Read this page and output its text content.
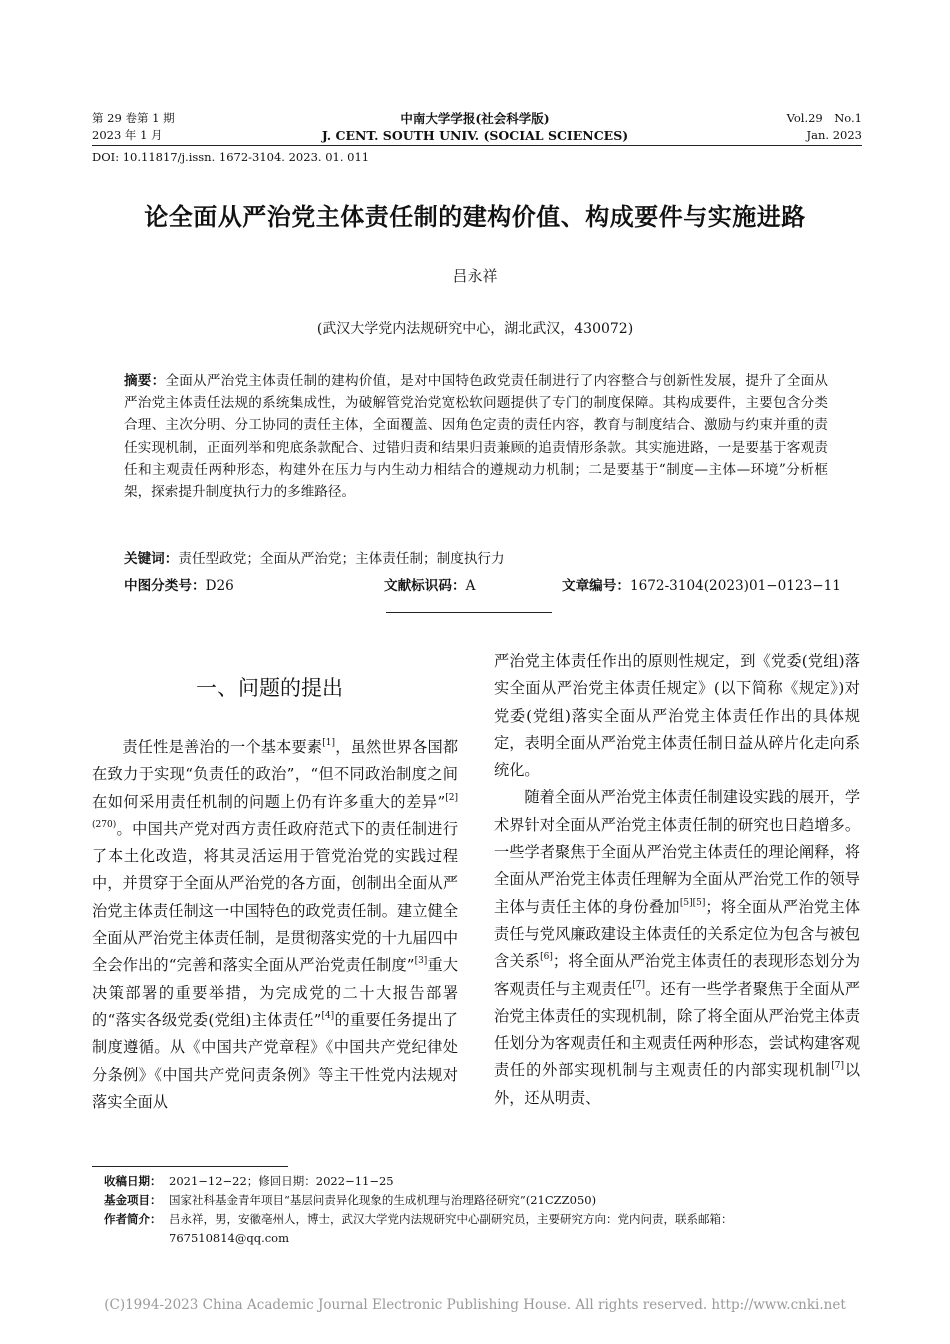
第 29 卷第 1 期
2023 年 1 月
中南大学学报(社会科学版)
J. CENT. SOUTH UNIV. (SOCIAL SCIENCES)
Vol.29　No.1
Jan. 2023
DOI: 10.11817/j.issn. 1672-3104. 2023. 01. 011
论全面从严治党主体责任制的建构价值、构成要件与实施进路
吕永祥
(武汉大学党内法规研究中心，湖北武汉，430072)
摘要：全面从严治党主体责任制的建构价值，是对中国特色政党责任制进行了内容整合与创新性发展，提升了全面从严治党主体责任法规的系统集成性，为破解管党治党宽松软问题提供了专门的制度保障。其构成要件，主要包含分类合理、主次分明、分工协同的责任主体，全面覆盖、因角色定责的责任内容，教育与制度结合、激励与约束并重的责任实现机制，正面列举和兜底条款配合、过错归责和结果归责兼顾的追责情形条款。其实施进路，一是要基于客观责任和主观责任两种形态，构建外在压力与内生动力相结合的遵规动力机制；二是要基于“制度—主体—环境”分析框架，探索提升制度执行力的多维路径。
关键词：责任型政党；全面从严治党；主体责任制；制度执行力
中图分类号：D26	文献标识码：A	文章编号：1672-3104(2023)01−0123−11
一、问题的提出

责任性是善治的一个基本要素[1]，虽然世界各国都在致力于实现“负责任的政治”，“但不同政治制度之间在如何采用责任机制的问题上仍有许多重大的差异”$^{[2](270)}$。中国共产党对西方责任政府范式下的责任制进行了本土化改造，将其灵活运用于管党治党的实践过程中，并贯穿于全面从严治党的各方面，创制出全面从严治党主体责任制这一中国特色的政党责任制。建立健全全面从严治党主体责任制，是贯彻落实党的十九届四中全会作出的“完善和落实全面从严治党责任制度”[3]重大决策部署的重要举措，为完成党的二十大报告部署的“落实各级党委(党组)主体责任”[4]的重要任务提出了制度遵循。从《中国共产党章程》《中国共产党纪律处分条例》《中国共产党问责条例》等主干性党内法规对落实全面从

严治党主体责任作出的原则性规定，到《党委(党组)落实全面从严治党主体责任规定》(以下简称《规定》)对党委(党组)落实全面从严治党主体责任作出的具体规定，表明全面从严治党主体责任制日益从碎片化走向系统化。

随着全面从严治党主体责任制建设实践的展开，学术界针对全面从严治党主体责任制的研究也日趋增多。一些学者聚焦于全面从严治党主体责任的理论阐释，将全面从严治党主体责任理解为全面从严治党工作的领导主体与责任主体的身份叠加[5][5]；将全面从严治党主体责任与党风廉政建设主体责任的关系定位为包含与被包含关系[6]；将全面从严治党主体责任的表现形态划分为客观责任与主观责任[7]。还有一些学者聚焦于全面从严治党主体责任的实现机制，除了将全面从严治党主体责任划分为客观责任和主观责任两种形态，尝试构建客观责任的外部实现机制与主观责任的内部实现机制[7]以外，还从明责、

收稿日期： 2021−12−22；修回日期：2022−11−25
基金项目： 国家社科基金青年项目“基层问责异化现象的生成机理与治理路径研究”(21CZZ050)
作者简介： 吕永祥，男，安徽亳州人，博士，武汉大学党内法规研究中心副研究员，主要研究方向：党内问责，联系邮箱：
767510814@qq.com
(C)1994-2023 China Academic Journal Electronic Publishing House. All rights reserved. http://www.cnki.net
